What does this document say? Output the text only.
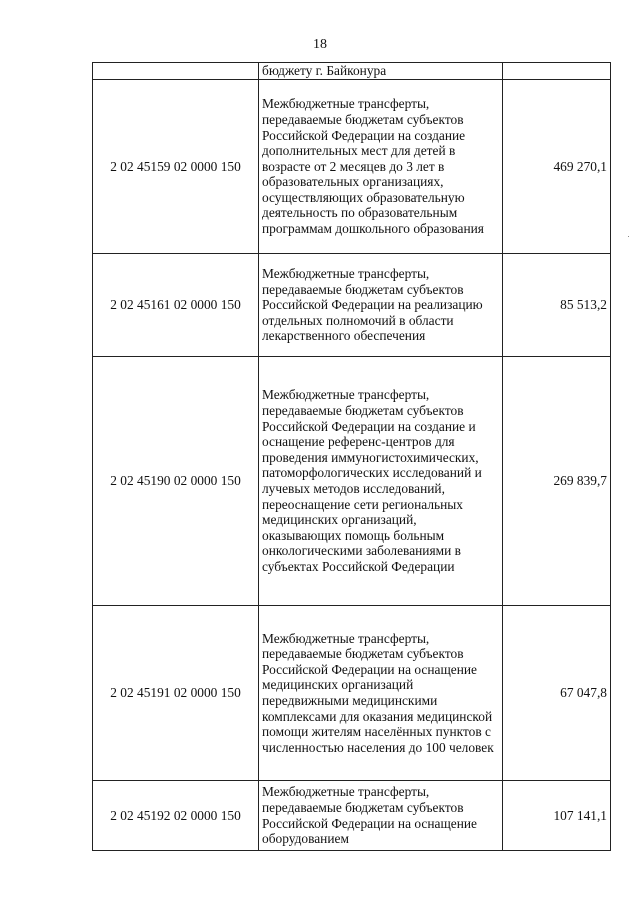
18
	бюджету г. Байконура	
2 02 45159 02 0000 150	Межбюджетные трансферты, передаваемые бюджетам субъектов Российской Федерации на создание дополнительных мест для детей в возрасте от 2 месяцев до 3 лет в образовательных организациях, осуществляющих образовательную деятельность по образовательным программам дошкольного образования	469 270,1
2 02 45161 02 0000 150	Межбюджетные трансферты, передаваемые бюджетам субъектов Российской Федерации на реализацию отдельных полномочий в области лекарственного обеспечения	85 513,2
2 02 45190 02 0000 150	Межбюджетные трансферты, передаваемые бюджетам субъектов Российской Федерации на создание и оснащение референс-центров для проведения иммуногистохимических, патоморфологических исследований и лучевых методов исследований, переоснащение сети региональных медицинских организаций, оказывающих помощь больным онкологическими заболеваниями в субъектах Российской Федерации	269 839,7
2 02 45191 02 0000 150	Межбюджетные трансферты, передаваемые бюджетам субъектов Российской Федерации на оснащение медицинских организаций передвижными медицинскими комплексами для оказания медицинской помощи жителям населённых пунктов с численностью населения до 100 человек	67 047,8
2 02 45192 02 0000 150	Межбюджетные трансферты, передаваемые бюджетам субъектов Российской Федерации на оснащение оборудованием	107 141,1
